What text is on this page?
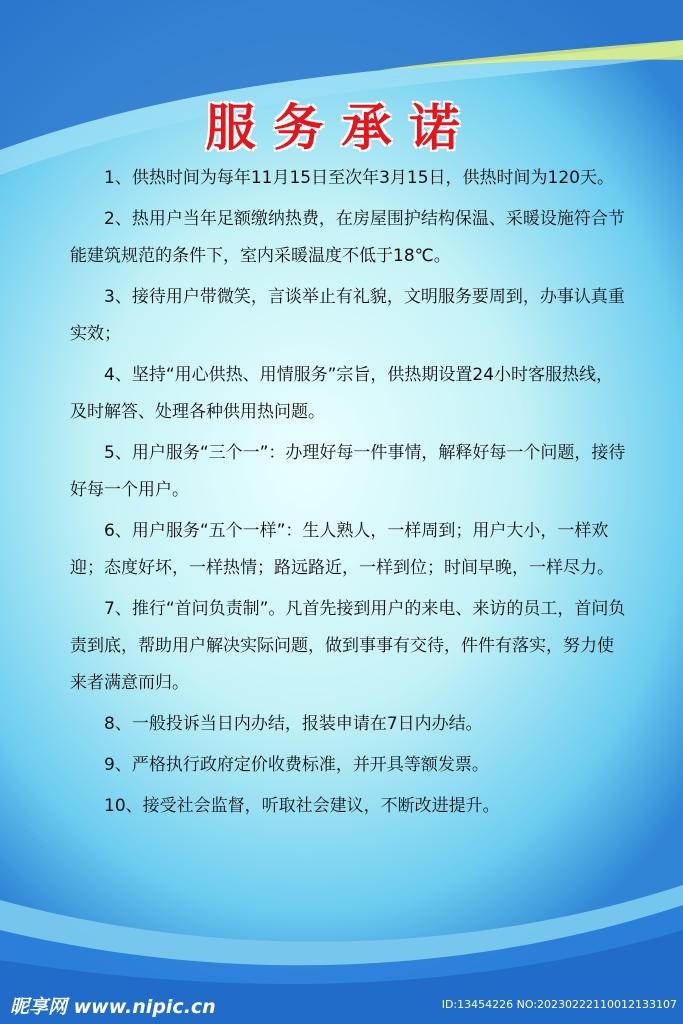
服务承诺

1、供热时间为每年11月15日至次年3月15日，供热时间为120天。

2、热用户当年足额缴纳热费，在房屋围护结构保温、采暖设施符合节能建筑规范的条件下，室内采暖温度不低于18℃。

3、接待用户带微笑，言谈举止有礼貌，文明服务要周到，办事认真重实效；

4、坚持“用心供热、用情服务”宗旨，供热期设置24小时客服热线，及时解答、处理各种供用热问题。

5、用户服务“三个一”：办理好每一件事情，解释好每一个问题，接待好每一个用户。

6、用户服务“五个一样”：生人熟人，一样周到；用户大小，一样欢迎；态度好坏，一样热情；路远路近，一样到位；时间早晚，一样尽力。

7、推行“首问负责制”。凡首先接到用户的来电、来访的员工，首问负责到底，帮助用户解决实际问题，做到事事有交待，件件有落实，努力使来者满意而归。

8、一般投诉当日内办结，报装申请在7日内办结。

9、严格执行政府定价收费标准，并开具等额发票。

10、接受社会监督，听取社会建议，不断改进提升。

昵享网 www.nipic.cn	ID:13454226 NO:20230222110012133107
